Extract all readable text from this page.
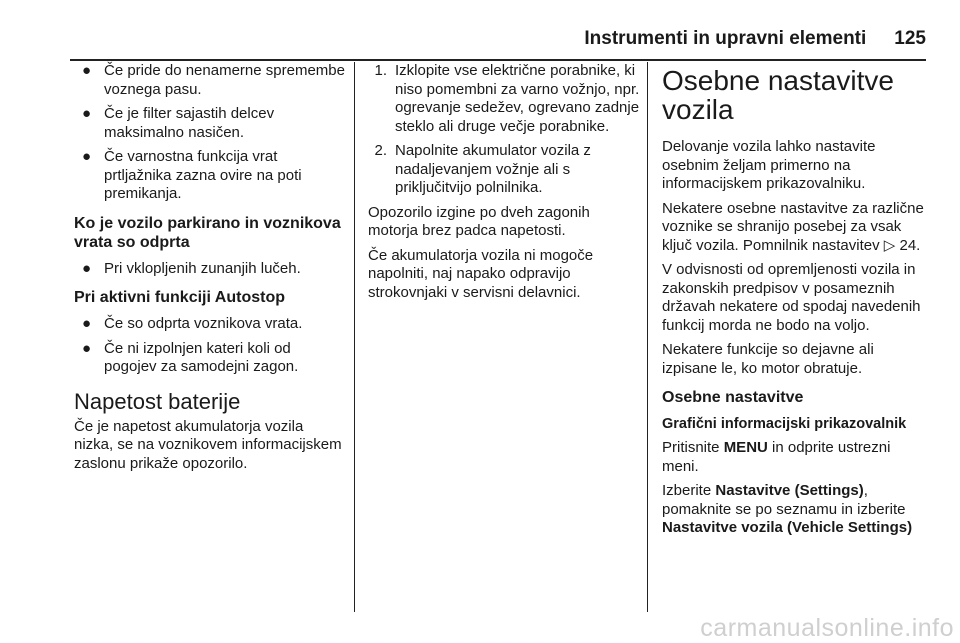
Instrumenti in upravni elementi 125
● Če pride do nenamerne spremembe voznega pasu.
● Če je filter sajastih delcev maksimalno nasičen.
● Če varnostna funkcija vrat prtljažnika zazna ovire na poti premikanja.
Ko je vozilo parkirano in voznikova vrata so odprta
● Pri vklopljenih zunanjih lučeh.
Pri aktivni funkciji Autostop
● Če so odprta voznikova vrata.
● Če ni izpolnjen kateri koli od pogojev za samodejni zagon.
Napetost baterije

Če je napetost akumulatorja vozila nizka, se na voznikovem informacijskem zaslonu prikaže opozorilo.

1. Izklopite vse električne porabnike, ki niso pomembni za varno vožnjo, npr. ogrevanje sedežev, ogrevano zadnje steklo ali druge večje porabnike.
2. Napolnite akumulator vozila z nadaljevanjem vožnje ali s priključitvijo polnilnika.

Opozorilo izgine po dveh zagonih motorja brez padca napetosti.

Če akumulatorja vozila ni mogoče napolniti, naj napako odpravijo strokovnjaki v servisni delavnici.

Osebne nastavitve vozila

Delovanje vozila lahko nastavite osebnim željam primerno na informacijskem prikazovalniku.

Nekatere osebne nastavitve za različne voznike se shranijo posebej za vsak ključ vozila. Pomnilnik nastavitev ▷ 24.

V odvisnosti od opremljenosti vozila in zakonskih predpisov v posameznih državah nekatere od spodaj navedenih funkcij morda ne bodo na voljo.

Nekatere funkcije so dejavne ali izpisane le, ko motor obratuje.

Osebne nastavitve
Grafični informacijski prikazovalnik

Pritisnite MENU in odprite ustrezni meni.

Izberite Nastavitve (Settings), pomaknite se po seznamu in izberite Nastavitve vozila (Vehicle Settings)

carmanualsonline.info
